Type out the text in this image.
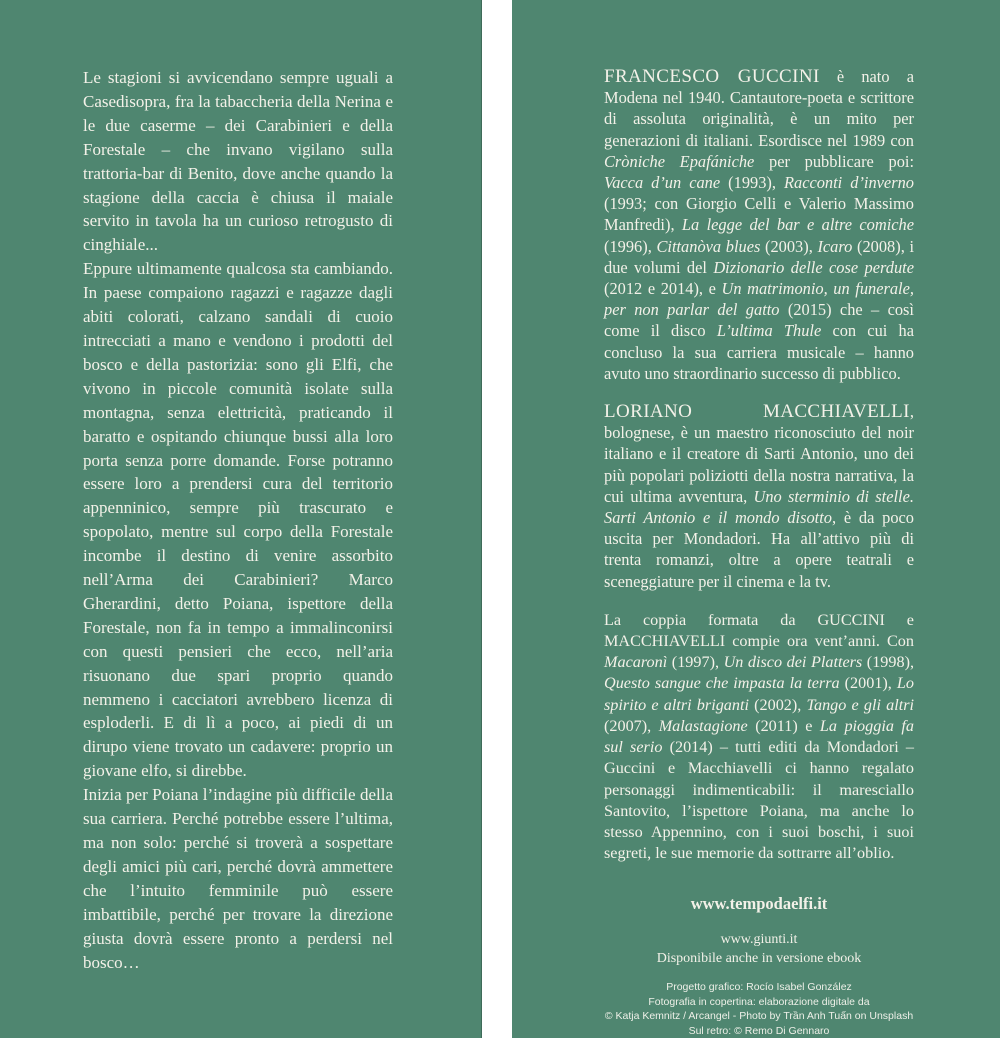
Le stagioni si avvicendano sempre uguali a Casedisopra, fra la tabaccheria della Nerina e le due caserme – dei Carabinieri e della Forestale – che invano vigilano sulla trattoria-bar di Benito, dove anche quando la stagione della caccia è chiusa il maiale servito in tavola ha un curioso retrogusto di cinghiale...

Eppure ultimamente qualcosa sta cambiando. In paese compaiono ragazzi e ragazze dagli abiti colorati, calzano sandali di cuoio intrecciati a mano e vendono i prodotti del bosco e della pastorizia: sono gli Elfi, che vivono in piccole comunità isolate sulla montagna, senza elettricità, praticando il baratto e ospitando chiunque bussi alla loro porta senza porre domande. Forse potranno essere loro a prendersi cura del territorio appenninico, sempre più trascurato e spopolato, mentre sul corpo della Forestale incombe il destino di venire assorbito nell’Arma dei Carabinieri? Marco Gherardini, detto Poiana, ispettore della Forestale, non fa in tempo a immalinconirsi con questi pensieri che ecco, nell’aria risuonano due spari proprio quando nemmeno i cacciatori avrebbero licenza di esploderli. E di lì a poco, ai piedi di un dirupo viene trovato un cadavere: proprio un giovane elfo, si direbbe.

Inizia per Poiana l’indagine più difficile della sua carriera. Perché potrebbe essere l’ultima, ma non solo: perché si troverà a sospettare degli amici più cari, perché dovrà ammettere che l’intuito femminile può essere imbattibile, perché per trovare la direzione giusta dovrà essere pronto a perdersi nel bosco…

FRANCESCO GUCCINI è nato a Modena nel 1940. Cantautore-poeta e scrittore di assoluta originalità, è un mito per generazioni di italiani. Esordisce nel 1989 con Cròniche Epafániche per pubblicare poi: Vacca d’un cane (1993), Racconti d’inverno (1993; con Giorgio Celli e Valerio Massimo Manfredi), La legge del bar e altre comiche (1996), Cittanòva blues (2003), Icaro (2008), i due volumi del Dizionario delle cose perdute (2012 e 2014), e Un matrimonio, un funerale, per non parlar del gatto (2015) che – così come il disco L’ultima Thule con cui ha concluso la sua carriera musicale – hanno avuto uno straordinario successo di pubblico.

LORIANO MACCHIAVELLI, bolognese, è un maestro riconosciuto del noir italiano e il creatore di Sarti Antonio, uno dei più popolari poliziotti della nostra narrativa, la cui ultima avventura, Uno sterminio di stelle. Sarti Antonio e il mondo disotto, è da poco uscita per Mondadori. Ha all’attivo più di trenta romanzi, oltre a opere teatrali e sceneggiature per il cinema e la tv.

La coppia formata da GUCCINI e MACCHIAVELLI compie ora vent’anni. Con Macaronì (1997), Un disco dei Platters (1998), Questo sangue che impasta la terra (2001), Lo spirito e altri briganti (2002), Tango e gli altri (2007), Malastagione (2011) e La pioggia fa sul serio (2014) – tutti editi da Mondadori – Guccini e Macchiavelli ci hanno regalato personaggi indimenticabili: il maresciallo Santovito, l’ispettore Poiana, ma anche lo stesso Appennino, con i suoi boschi, i suoi segreti, le sue memorie da sottrarre all’oblio.

www.tempodaelfi.it

www.giunti.it
Disponibile anche in versione ebook
Progetto grafico: Rocío Isabel González
Fotografia in copertina: elaborazione digitale da
© Katja Kemnitz / Arcangel - Photo by Trần Anh Tuấn on Unsplash
Sul retro: © Remo Di Gennaro
